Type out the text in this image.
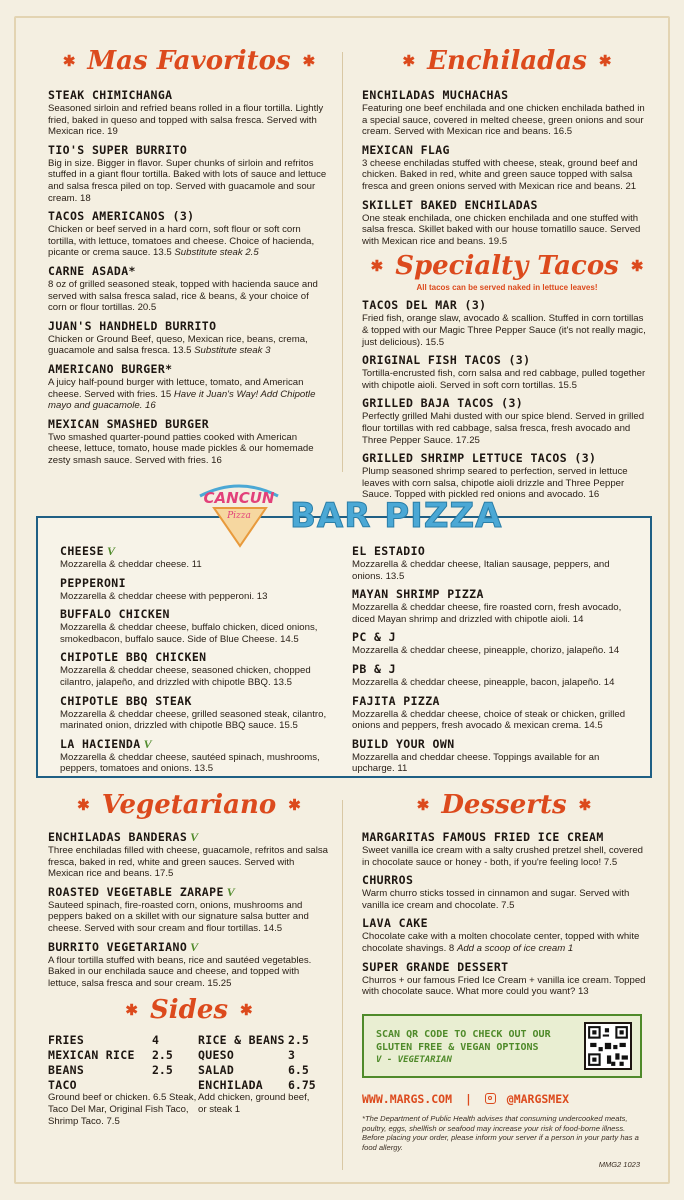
✱ Mas Favoritos ✱
STEAK CHIMICHANGA
Seasoned sirloin and refried beans rolled in a flour tortilla. Lightly fried, baked in queso and topped with salsa fresca. Served with Mexican rice. 19
TIO'S SUPER BURRITO
Big in size. Bigger in flavor. Super chunks of sirloin and refritos stuffed in a giant flour tortilla. Baked with lots of sauce and lettuce and salsa fresca piled on top. Served with guacamole and sour cream. 18
TACOS AMERICANOS (3)
Chicken or beef served in a hard corn, soft flour or soft corn tortilla, with lettuce, tomatoes and cheese. Choice of hacienda, picante or crema sauce. 13.5 Substitute steak 2.5
CARNE ASADA*
8 oz of grilled seasoned steak, topped with hacienda sauce and served with salsa fresca salad, rice & beans, & your choice of corn or flour tortillas. 20.5
JUAN'S HANDHELD BURRITO
Chicken or Ground Beef, queso, Mexican rice, beans, crema, guacamole and salsa fresca. 13.5 Substitute steak 3
AMERICANO BURGER*
A juicy half-pound burger with lettuce, tomato, and American cheese. Served with fries. 15 Have it Juan's Way! Add Chipotle mayo and guacamole. 16
MEXICAN SMASHED BURGER
Two smashed quarter-pound patties cooked with American cheese, lettuce, tomato, house made pickles & our homemade zesty smash sauce. Served with fries. 16
✱ Enchiladas ✱
ENCHILADAS MUCHACHAS
Featuring one beef enchilada and one chicken enchilada bathed in a special sauce, covered in melted cheese, green onions and sour cream. Served with Mexican rice and beans. 16.5
MEXICAN FLAG
3 cheese enchiladas stuffed with cheese, steak, ground beef and chicken. Baked in red, white and green sauce topped with salsa fresca and green onions served with Mexican rice and beans. 21
SKILLET BAKED ENCHILADAS
One steak enchilada, one chicken enchilada and one stuffed with salsa fresca. Skillet baked with our house tomatillo sauce. Served with Mexican rice and beans. 19.5
✱ Specialty Tacos ✱
All tacos can be served naked in lettuce leaves!
TACOS DEL MAR (3)
Fried fish, orange slaw, avocado & scallion. Stuffed in corn tortillas & topped with our Magic Three Pepper Sauce (it's not really magic, just delicious). 15.5
ORIGINAL FISH TACOS (3)
Tortilla-encrusted fish, corn salsa and red cabbage, pulled together with chipotle aioli. Served in soft corn tortillas. 15.5
GRILLED BAJA TACOS (3)
Perfectly grilled Mahi dusted with our spice blend. Served in grilled flour tortillas with red cabbage, salsa fresca, fresh avocado and Three Pepper Sauce. 17.25
GRILLED SHRIMP LETTUCE TACOS (3)
Plump seasoned shrimp seared to perfection, served in lettuce leaves with corn salsa, chipotle aioli drizzle and Three Pepper Sauce. Topped with pickled red onions and avocado. 16
CHEESE V
Mozzarella & cheddar cheese. 11
PEPPERONI
Mozzarella & cheddar cheese with pepperoni. 13
BUFFALO CHICKEN
Mozzarella & cheddar cheese, buffalo chicken, diced onions, smokedbacon, buffalo sauce. Side of Blue Cheese. 14.5
CHIPOTLE BBQ CHICKEN
Mozzarella & cheddar cheese, seasoned chicken, chopped cilantro, jalapeño, and drizzled with chipotle BBQ. 13.5
CHIPOTLE BBQ STEAK
Mozzarella & cheddar cheese, grilled seasoned steak, cilantro, marinated onion, drizzled with chipotle BBQ sauce. 15.5
LA HACIENDA V
Mozzarella & cheddar cheese, sautéed spinach, mushrooms, peppers, tomatoes and onions. 13.5
EL ESTADIO
Mozzarella & cheddar cheese, Italian sausage, peppers, and onions. 13.5
MAYAN SHRIMP PIZZA
Mozzarella & cheddar cheese, fire roasted corn, fresh avocado, diced Mayan shrimp and drizzled with chipotle aioli. 14
PC & J
Mozzarella & cheddar cheese, pineapple, chorizo, jalapeño. 14
PB & J
Mozzarella & cheddar cheese, pineapple, bacon, jalapeño. 14
FAJITA PIZZA
Mozzarella & cheddar cheese, choice of steak or chicken, grilled onions and peppers, fresh avocado & mexican crema. 14.5
BUILD YOUR OWN
Mozzarella and cheddar cheese. Toppings available for an upcharge. 11
CANCUN
Pizza BAR PIZZA
✱ Vegetariano ✱
ENCHILADAS BANDERAS V
Three enchiladas filled with cheese, guacamole, refritos and salsa fresca, baked in red, white and green sauces. Served with Mexican rice and beans. 17.5
ROASTED VEGETABLE ZARAPE V
Sauteed spinach, fire-roasted corn, onions, mushrooms and peppers baked on a skillet with our signature salsa butter and cheese. Served with sour cream and flour tortillas. 14.5
BURRITO VEGETARIANO V
A flour tortilla stuffed with beans, rice and sautéed vegetables. Baked in our enchilada sauce and cheese, and topped with lettuce, salsa fresca and sour cream. 15.25
✱ Sides ✱
FRIES	4	RICE & BEANS 2.5
MEXICAN RICE	2.5	QUESO	3
BEANS	2.5	SALAD	6.5
TACO	ENCHILADA	6.75
Ground beef or chicken. 6.5 Steak, Taco Del Mar, Original Fish Taco, Shrimp Taco. 7.5
Add chicken, ground beef, or steak 1
✱ Desserts ✱
MARGARITAS FAMOUS FRIED ICE CREAM
Sweet vanilla ice cream with a salty crushed pretzel shell, covered in chocolate sauce or honey - both, if you're feeling loco! 7.5
CHURROS
Warm churro sticks tossed in cinnamon and sugar. Served with vanilla ice cream and chocolate. 7.5
LAVA CAKE
Chocolate cake with a molten chocolate center, topped with white chocolate shavings. 8 Add a scoop of ice cream 1
SUPER GRANDE DESSERT
Churros + our famous Fried Ice Cream + vanilla ice cream. Topped with chocolate sauce. What more could you want? 13
SCAN QR CODE TO CHECK OUT OUR
GLUTEN FREE & VEGAN OPTIONS
V - VEGETARIAN
WWW.MARGS.COM |	@MARGSMEX
*The Department of Public Health advises that consuming undercooked meats, poultry, eggs, shellfish or seafood may increase your risk of food-borne illness. Before placing your order, please inform your server if a person in your party has a food allergy.
MMG2 1023
